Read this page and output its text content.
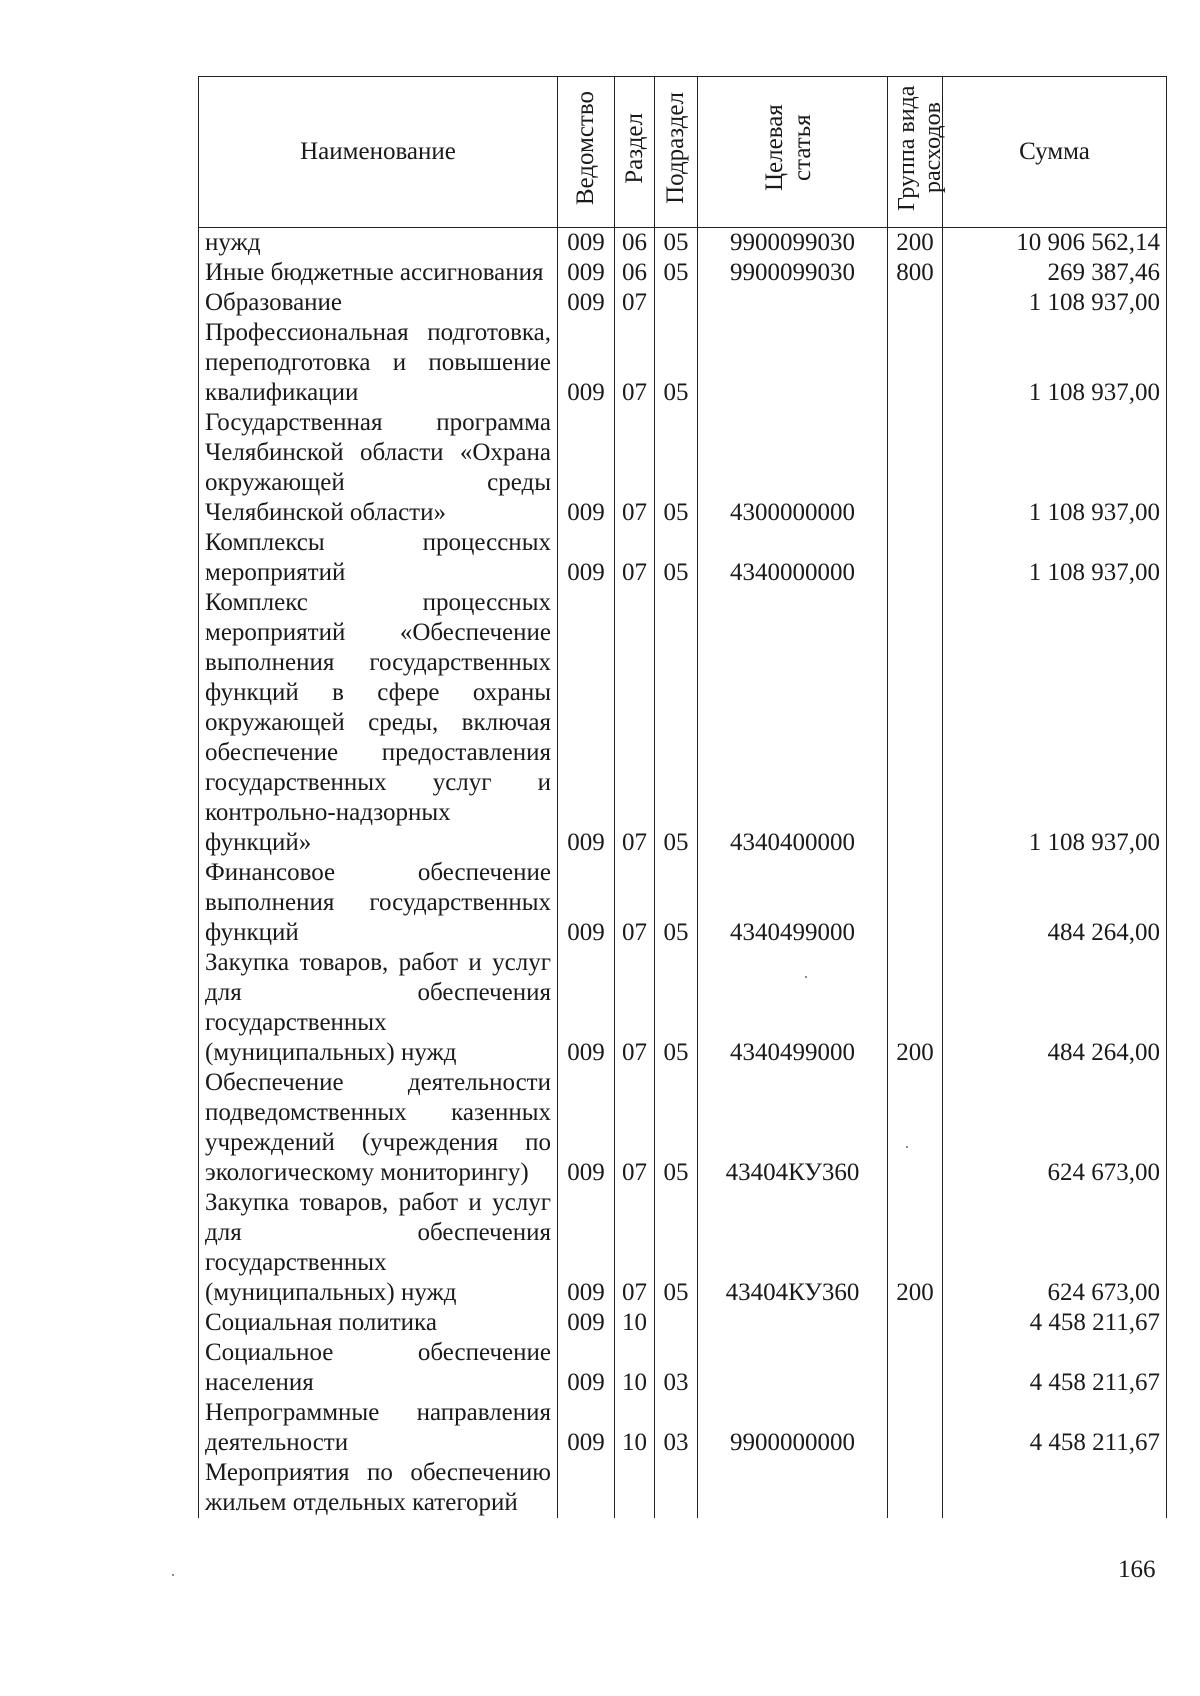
Наименование	Ведомство	Раздел	Подраздел	Целевая статья	Группа вида расходов	Сумма
нужд	009	06	05	9900099030	200	10 906 562,14
Иные бюджетные ассигнования	009	06	05	9900099030	800	269 387,46
Образование	009	07				1 108 937,00
Профессиональная подготовка, переподготовка и повышение квалификации	009	07	05			1 108 937,00
Государственная программа Челябинской области «Охрана окружающей среды Челябинской области»	009	07	05	4300000000		1 108 937,00
Комплексы процессных мероприятий	009	07	05	4340000000		1 108 937,00
Комплекс процессных мероприятий «Обеспечение выполнения государственных функций в сфере охраны окружающей среды, включая обеспечение предоставления государственных услуг и контрольно-надзорных функций»	009	07	05	4340400000		1 108 937,00
Финансовое обеспечение выполнения государственных функций	009	07	05	4340499000		484 264,00
Закупка товаров, работ и услуг для обеспечения государственных (муниципальных) нужд	009	07	05	4340499000	200	484 264,00
Обеспечение деятельности подведомственных казенных учреждений (учреждения по экологическому мониторингу)	009	07	05	43404КУ360		624 673,00
Закупка товаров, работ и услуг для обеспечения государственных (муниципальных) нужд	009	07	05	43404КУ360	200	624 673,00
Социальная политика	009	10				4 458 211,67
Социальное обеспечение населения	009	10	03			4 458 211,67
Непрограммные направления деятельности	009	10	03	9900000000		4 458 211,67
Мероприятия по обеспечению жильем отдельных категорий						
166
